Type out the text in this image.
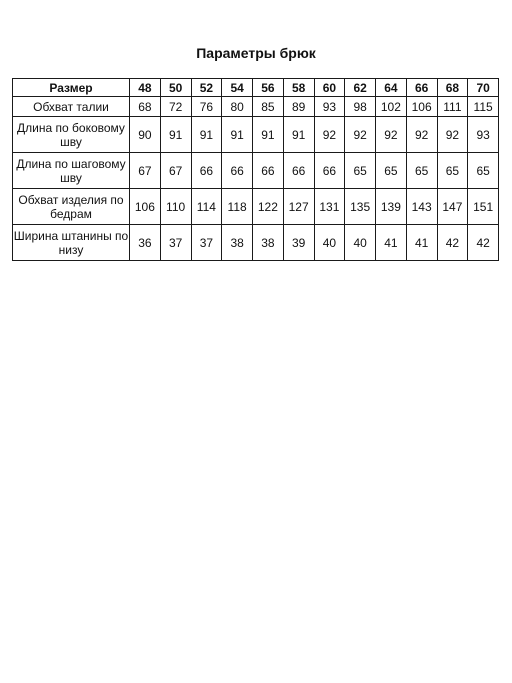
Параметры брюк
Размер	48	50	52	54	56	58	60	62	64	66	68	70
Обхват талии	68	72	76	80	85	89	93	98	102	106	111	115
Длина по боковому шву	90	91	91	91	91	91	92	92	92	92	92	93
Длина по шаговому шву	67	67	66	66	66	66	66	65	65	65	65	65
Обхват изделия по бедрам	106	110	114	118	122	127	131	135	139	143	147	151
Ширина штанины по низу	36	37	37	38	38	39	40	40	41	41	42	42
